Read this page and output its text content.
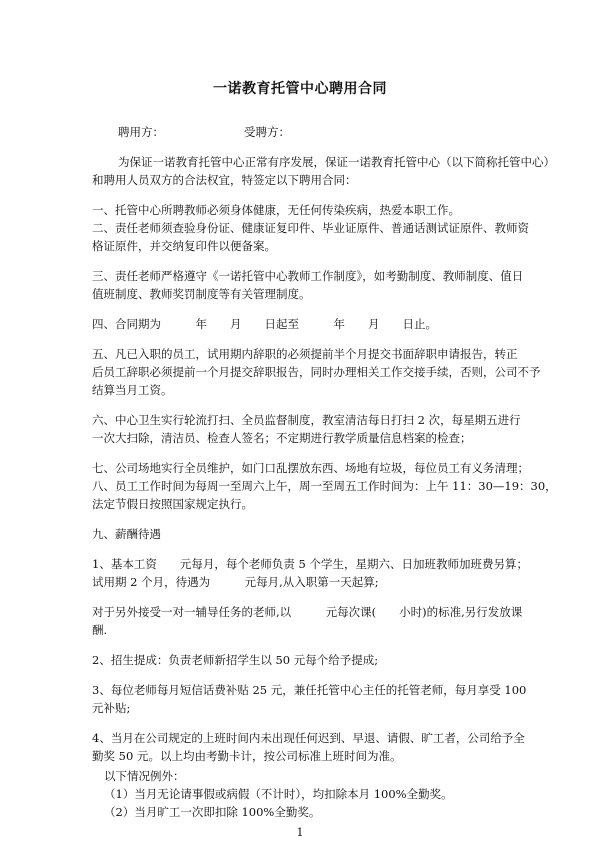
一诺教育托管中心聘用合同
聘用方：	受聘方：
为保证一诺教育托管中心正常有序发展，保证一诺教育托管中心（以下简称托管中心）
和聘用人员双方的合法权宜，特签定以下聘用合同：
一、托管中心所聘教师必须身体健康，无任何传染疾病，热爱本职工作。
二、责任老师须查验身份证、健康证复印件、毕业证原件、普通话测试证原件、教师资
格证原件，并交纳复印件以便备案。
三、责任老师严格遵守《一诺托管中心教师工作制度》，如考勤制度、教师制度、值日
值班制度、教师奖罚制度等有关管理制度。
四、合同期为　　　年　　月　　日起至　　　年　　月　　日止。
五、凡已入职的员工，试用期内辞职的必须提前半个月提交书面辞职申请报告，转正
后员工辞职必须提前一个月提交辞职报告，同时办理相关工作交接手续，否则，公司不予
结算当月工资。
六、中心卫生实行轮流打扫、全员监督制度，教室清洁每日打扫 2 次，每星期五进行
一次大扫除，清洁员、检查人签名；不定期进行教学质量信息档案的检查；
七、公司场地实行全员维护，如门口乱摆放东西、场地有垃圾，每位员工有义务清理；
八、员工工作时间为每周一至周六上午，周一至周五工作时间为：上午 11：30—19：30，
法定节假日按照国家规定执行。
九、薪酬待遇
1、基本工资　　元每月，每个老师负责 5 个学生，星期六、日加班教师加班费另算；
试用期 2 个月，待遇为　　　元每月,从入职第一天起算;
对于另外接受一对一辅导任务的老师,以　　　元每次课(　　小时)的标准,另行发放课
酬.
2、招生提成：负责老师新招学生以 50 元每个给予提成;
3、每位老师每月短信话费补贴 25 元，兼任托管中心主任的托管老师，每月享受 100
元补贴;
4、当月在公司规定的上班时间内未出现任何迟到、早退、请假、旷工者，公司给予全
勤奖 50 元。以上均由考勤卡计，按公司标准上班时间为准。
以下情况例外：
（1）当月无论请事假或病假（不计时），均扣除本月 100%全勤奖。
（2）当月旷工一次即扣除 100%全勤奖。
1
